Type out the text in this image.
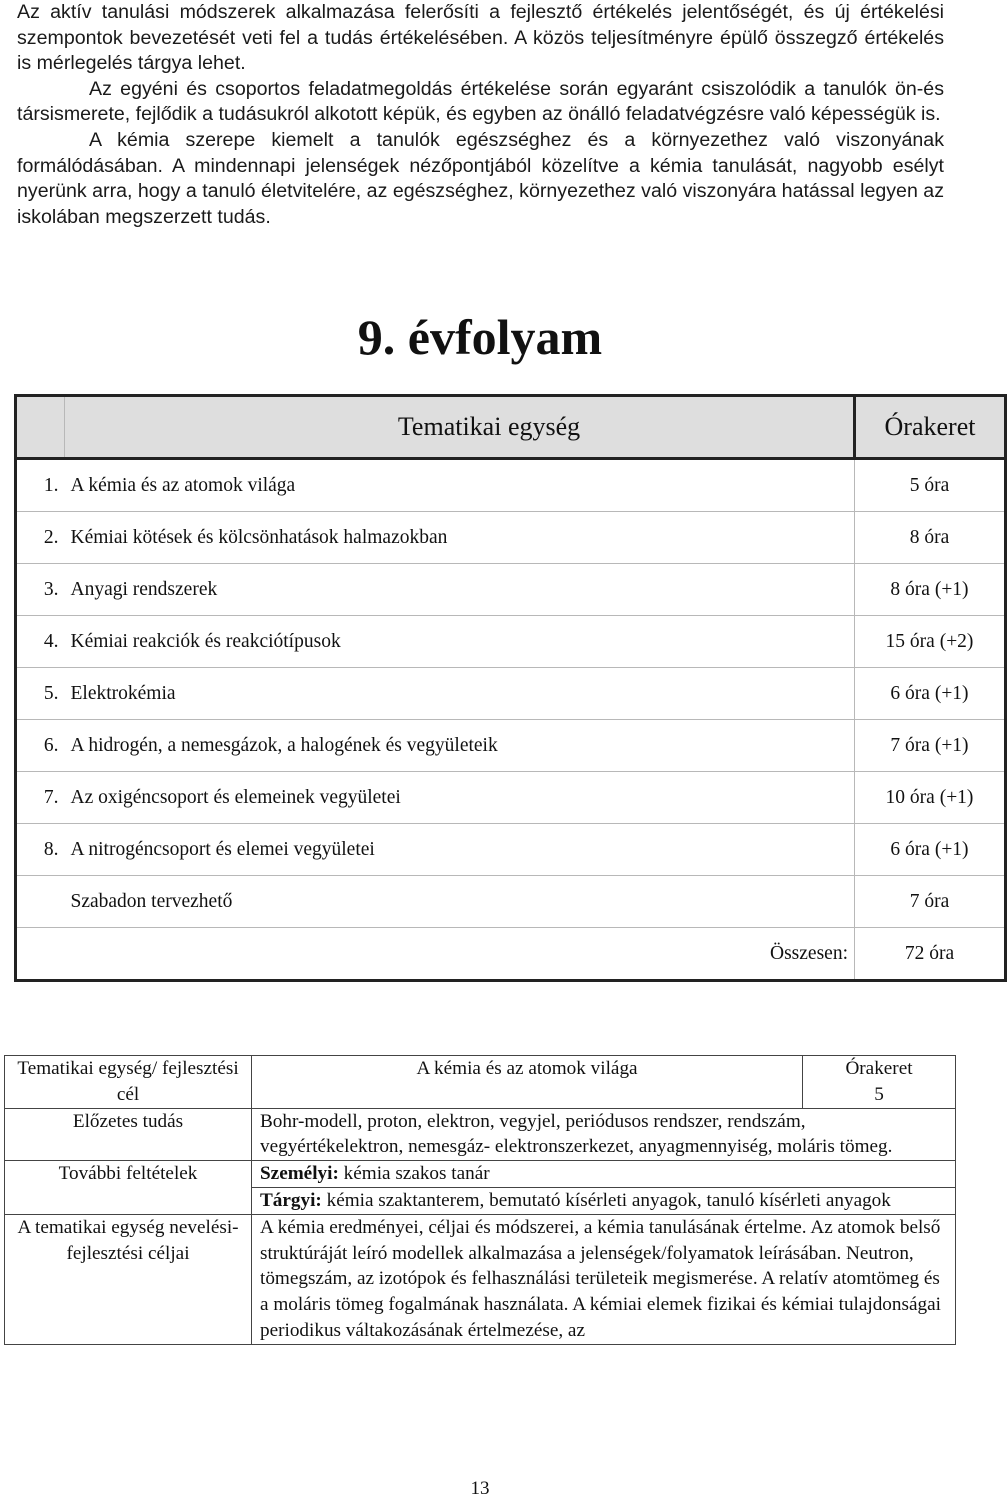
Az aktív tanulási módszerek alkalmazása felerősíti a fejlesztő értékelés jelentőségét, és új értékelési szempontok bevezetését veti fel a tudás értékelésében. A közös teljesítményre épülő összegző értékelés is mérlegelés tárgya lehet.

Az egyéni és csoportos feladatmegoldás értékelése során egyaránt csiszolódik a tanulók ön-és társismerete, fejlődik a tudásukról alkotott képük, és egyben az önálló feladatvégzésre való képességük is.

A kémia szerepe kiemelt a tanulók egészséghez és a környezethez való viszonyának formálódásában. A mindennapi jelenségek nézőpontjából közelítve a kémia tanulását, nagyobb esélyt nyerünk arra, hogy a tanuló életvitelére, az egészséghez, környezethez való viszonyára hatással legyen az iskolában megszerzett tudás.

9. évfolyam
	Tematikai egység	Órakeret
1.	A kémia és az atomok világa	5 óra
2.	Kémiai kötések és kölcsönhatások halmazokban	8 óra
3.	Anyagi rendszerek	8 óra (+1)
4.	Kémiai reakciók és reakciótípusok	15 óra (+2)
5.	Elektrokémia	6 óra (+1)
6.	A hidrogén, a nemesgázok, a halogének és vegyületeik	7 óra (+1)
7.	Az oxigéncsoport és elemeinek vegyületei	10 óra (+1)
8.	A nitrogéncsoport és elemei vegyületei	6 óra (+1)
	Szabadon tervezhető	7 óra
Összesen:		72 óra
Tematikai egység/ fejlesztési cél	A kémia és az atomok világa	Órakeret
5

Előzetes tudás	Bohr-modell, proton, elektron, vegyjel, periódusos rendszer, rendszám, vegyértékelektron, nemesgáz- elektronszerkezet, anyagmennyiség, moláris tömeg.	
További feltételek	Személyi: kémia szakos tanár	
	Tárgyi: kémia szaktanterem, bemutató kísérleti anyagok, tanuló kísérleti anyagok	
A tematikai egység nevelési-fejlesztési céljai	A kémia eredményei, céljai és módszerei, a kémia tanulásának értelme. Az atomok belső struktúráját leíró modellek alkalmazása a jelenségek/folyamatok leírásában. Neutron, tömegszám, az izotópok és felhasználási területeik megismerése. A relatív atomtömeg és a moláris tömeg fogalmának használata. A kémiai elemek fizikai és kémiai tulajdonságai periodikus váltakozásának értelmezése, az	
13
